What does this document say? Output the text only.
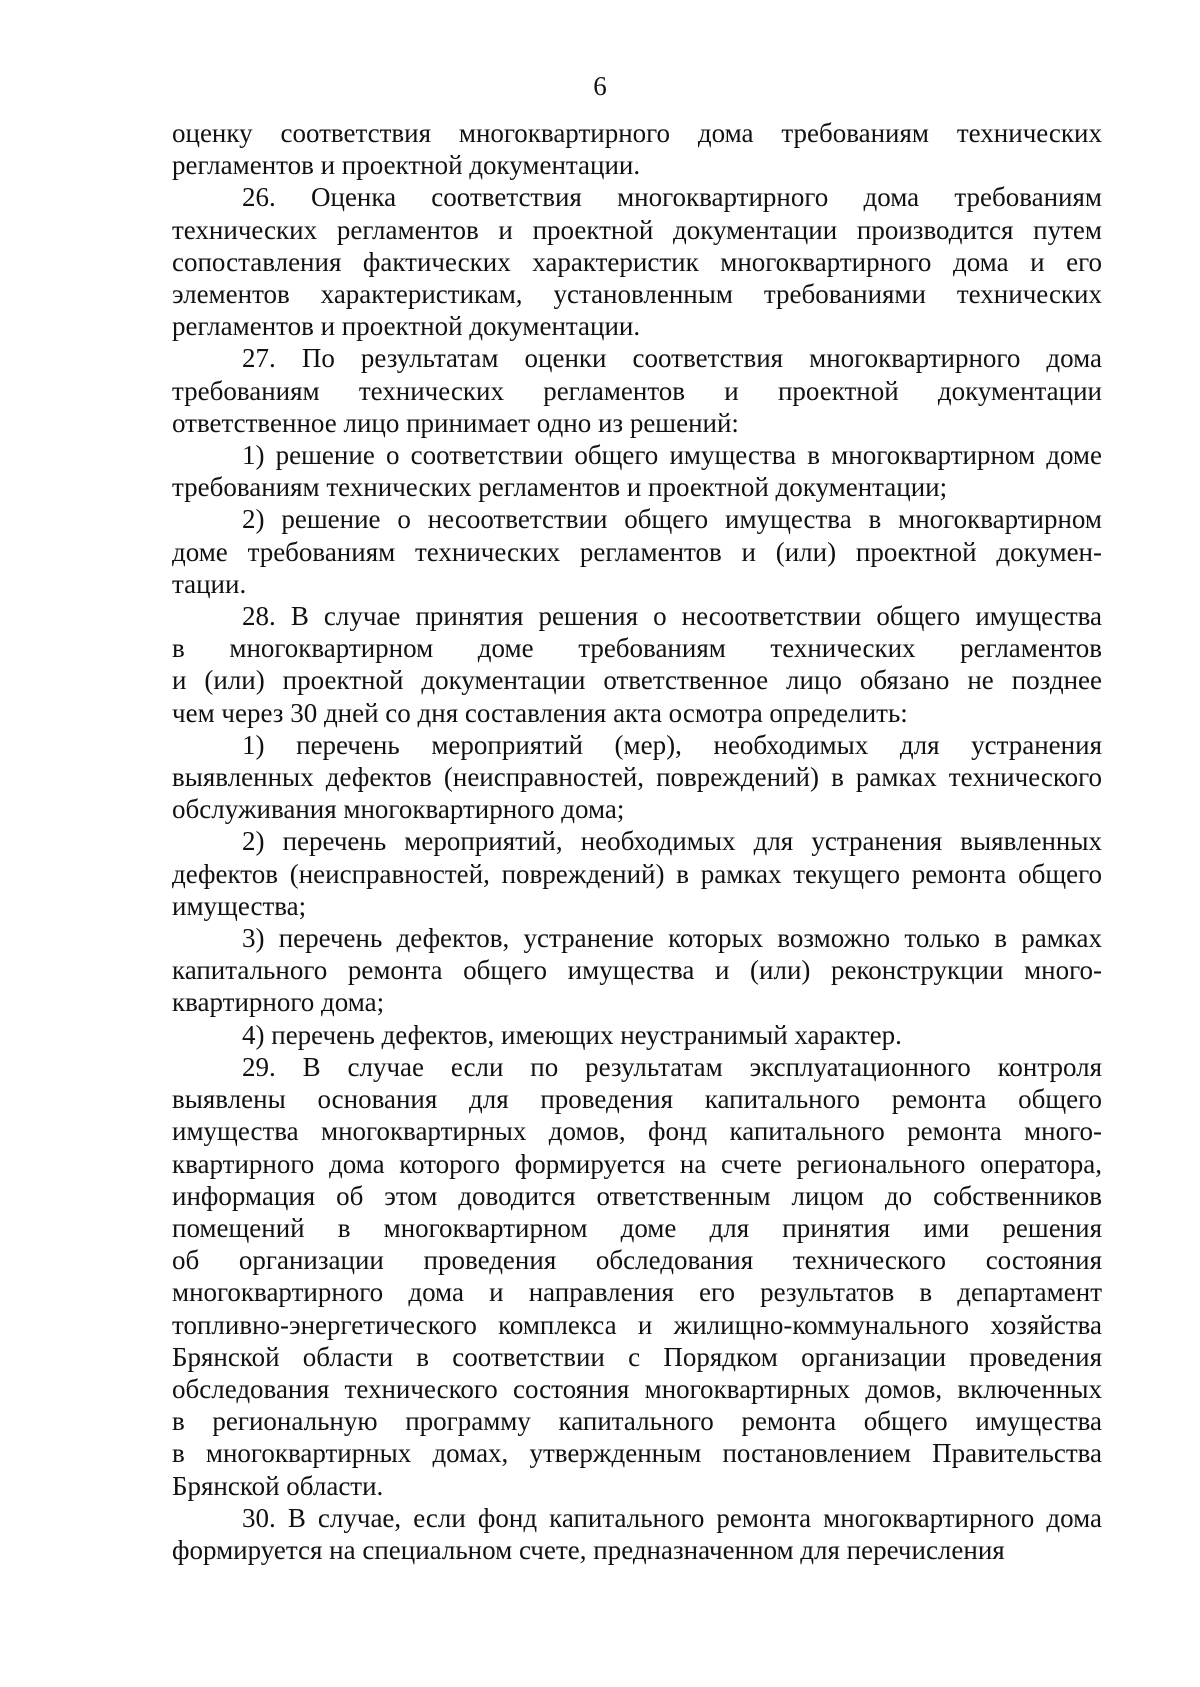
6
оценку соответствия многоквартирного дома требованиям технических
регламентов и проектной документации.
26. Оценка соответствия многоквартирного дома требованиям
технических регламентов и проектной документации производится путем
сопоставления фактических характеристик многоквартирного дома и его
элементов характеристикам, установленным требованиями технических
регламентов и проектной документации.
27. По результатам оценки соответствия многоквартирного дома
требованиям технических регламентов и проектной документации
ответственное лицо принимает одно из решений:
1) решение о соответствии общего имущества в многоквартирном доме
требованиям технических регламентов и проектной документации;
2) решение о несоответствии общего имущества в многоквартирном
доме требованиям технических регламентов и (или) проектной докумен-
тации.
28. В случае принятия решения о несоответствии общего имущества
в многоквартирном доме требованиям технических регламентов
и (или) проектной документации ответственное лицо обязано не позднее
чем через 30 дней со дня составления акта осмотра определить:
1) перечень мероприятий (мер), необходимых для устранения
выявленных дефектов (неисправностей, повреждений) в рамках технического
обслуживания многоквартирного дома;
2) перечень мероприятий, необходимых для устранения выявленных
дефектов (неисправностей, повреждений) в рамках текущего ремонта общего
имущества;
3) перечень дефектов, устранение которых возможно только в рамках
капитального ремонта общего имущества и (или) реконструкции много-
квартирного дома;
4) перечень дефектов, имеющих неустранимый характер.
29. В случае если по результатам эксплуатационного контроля
выявлены основания для проведения капитального ремонта общего
имущества многоквартирных домов, фонд капитального ремонта много-
квартирного дома которого формируется на счете регионального оператора,
информация об этом доводится ответственным лицом до собственников
помещений в многоквартирном доме для принятия ими решения
об организации проведения обследования технического состояния
многоквартирного дома и направления его результатов в департамент
топливно-энергетического комплекса и жилищно-коммунального хозяйства
Брянской области в соответствии с Порядком организации проведения
обследования технического состояния многоквартирных домов, включенных
в региональную программу капитального ремонта общего имущества
в многоквартирных домах, утвержденным постановлением Правительства
Брянской области.
30. В случае, если фонд капитального ремонта многоквартирного дома
формируется на специальном счете, предназначенном для перечисления
